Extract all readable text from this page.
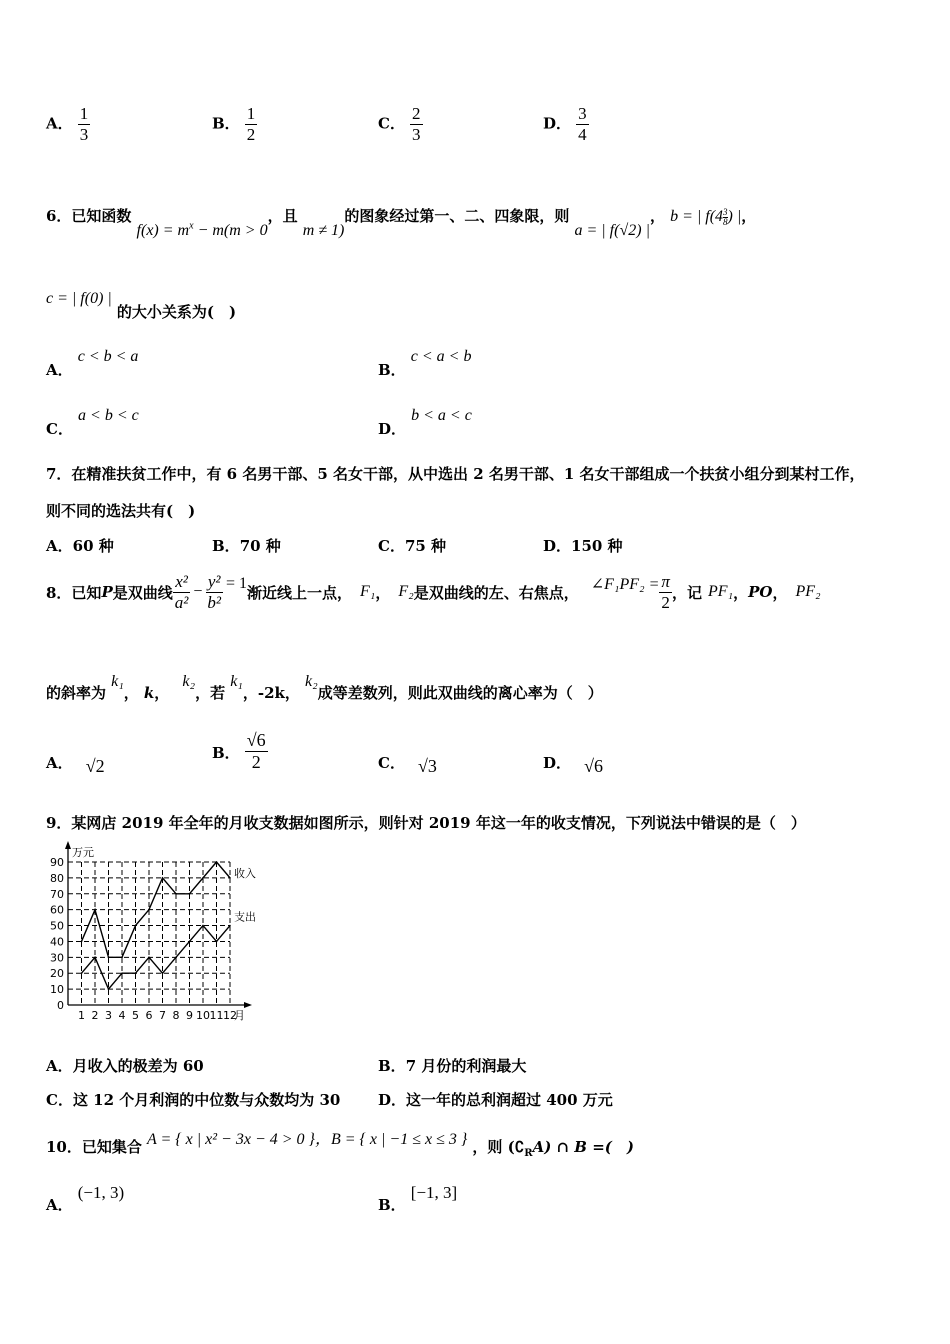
A． $\frac{1}{3}$	B． $\frac{1}{2}$	C． $\frac{2}{3}$	D． $\frac{3}{4}$
6．已知函数 $f(x) = m^x - m(m > 0$，且 m ≠ 1)的图象经过第一、二、四象限，则 a = | f(√2) |， b = | $f(4 \frac{3}{8}$ ) |，
c = | f(0) | 的大小关系为(　)
A． c < b < a
B． c < a < b
C． a < b < c
D． b < a < c
7．在精准扶贫工作中，有 6 名男干部、5 名女干部，从中选出 2 名男干部、1 名女干部组成一个扶贫小组分到某村工作，
则不同的选法共有(　)
A．60 种	B．70 种	C．75 种	D．150 种
8．已知 P 是双曲线 $\frac{\text{x²}}{\text{a²}} - \frac{\text{y²}}{\text{b²}} = 1$ 渐近线上一点， F₁ ， F₂ 是双曲线的左、右焦点， ∠F₁PF₂ = $\frac{\pi}{2}$ ，记 PF₁ ， PO ， PF₂
的斜率为 k₁， k， k₂，若 k₁，-2k， k₂成等差数列，则此双曲线的离心率为（　）
A． √2
B． $\frac{√6}{2}$	C． √3	D． √6
9．某网店 2019 年全年的月收支数据如图所示，则针对 2019 年这一年的收支情况，下列说法中错误的是（　）
0
10
20
30
40
50
60
70
80
90
1 2 3 4 5 6 7 8 9 10 11 12
万元
月
收入
支出
A．月收入的极差为 60	B．7 月份的利润最大
C．这 12 个月利润的中位数与众数均为 30	D．这一年的总利润超过 400 万元
10．已知集合 A = { x | x² − 3x − 4 > 0 }，B = { x | −1 ≤ x ≤ 3 } ，则 $(∁_RA)$ ∩ B =(　)
A． (−1, 3)
B． [−1, 3]
